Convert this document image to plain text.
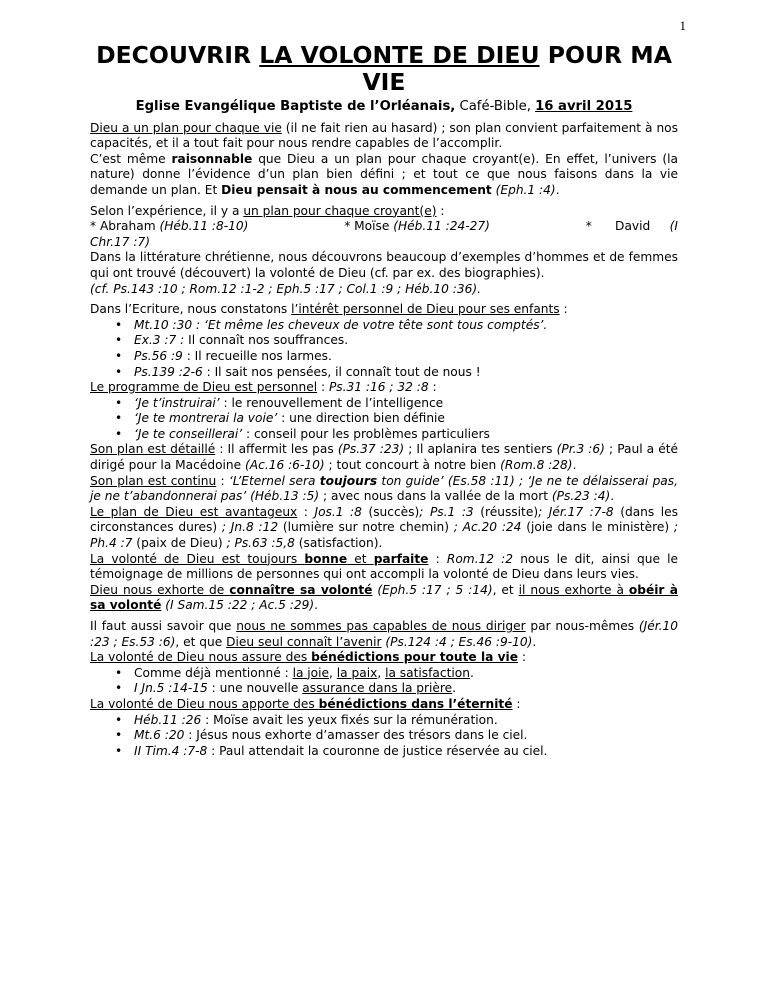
1
DECOUVRIR LA VOLONTE DE DIEU POUR MA VIE
Eglise Evangélique Baptiste de l’Orléanais, Café-Bible, 16 avril 2015

Dieu a un plan pour chaque vie (il ne fait rien au hasard) ; son plan convient parfaitement à nos capacités, et il a tout fait pour nous rendre capables de l’accomplir.

C’est même raisonnable que Dieu a un plan pour chaque croyant(e). En effet, l’univers (la nature) donne l’évidence d’un plan bien défini ; et tout ce que nous faisons dans la vie demande un plan. Et Dieu pensait à nous au commencement (Eph.1 :4).

Selon l’expérience, il y a un plan pour chaque croyant(e) :

* Abraham (Héb.11 :8-10)	* Moïse (Héb.11 :24-27)	*      David     (I

Chr.17 :7)

Dans la littérature chrétienne, nous découvrons beaucoup d’exemples d’hommes et de femmes qui ont trouvé (découvert) la volonté de Dieu (cf. par ex. des biographies).

(cf. Ps.143 :10 ; Rom.12 :1-2 ; Eph.5 :17 ; Col.1 :9 ; Héb.10 :36).

Dans l’Ecriture, nous constatons l’intérêt personnel de Dieu pour ses enfants :

• Mt.10 :30 : ‘Et même les cheveux de votre tête sont tous comptés’.
• Ex.3 :7 : Il connaît nos souffrances.
• Ps.56 :9 : Il recueille nos larmes.
• Ps.139 :2-6 : Il sait nos pensées, il connaît tout de nous !

Le programme de Dieu est personnel : Ps.31 :16 ; 32 :8 :

• ‘Je t’instruirai’ : le renouvellement de l’intelligence
• ‘Je te montrerai la voie’ : une direction bien définie
• ‘Je te conseillerai’ : conseil pour les problèmes particuliers

Son plan est détaillé : Il affermit les pas (Ps.37 :23) ; Il aplanira tes sentiers (Pr.3 :6) ; Paul a été dirigé pour la Macédoine (Ac.16 :6-10) ; tout concourt à notre bien (Rom.8 :28).

Son plan est continu : ‘L’Eternel sera toujours ton guide’ (Es.58 :11) ; ‘Je ne te délaisserai pas, je ne t’abandonnerai pas’ (Héb.13 :5) ; avec nous dans la vallée de la mort (Ps.23 :4).

Le plan de Dieu est avantageux : Jos.1 :8 (succès); Ps.1 :3 (réussite); Jér.17 :7-8 (dans les circonstances dures) ; Jn.8 :12 (lumière sur notre chemin) ; Ac.20 :24 (joie dans le ministère) ; Ph.4 :7 (paix de Dieu) ; Ps.63 :5,8 (satisfaction).

La volonté de Dieu est toujours bonne et parfaite : Rom.12 :2 nous le dit, ainsi que le témoignage de millions de personnes qui ont accompli la volonté de Dieu dans leurs vies.

Dieu nous exhorte de connaître sa volonté (Eph.5 :17 ; 5 :14), et il nous exhorte à obéir à sa volonté (I Sam.15 :22 ; Ac.5 :29).

Il faut aussi savoir que nous ne sommes pas capables de nous diriger par nous-mêmes (Jér.10 :23 ; Es.53 :6), et que Dieu seul connaît l’avenir (Ps.124 :4 ; Es.46 :9-10).

La volonté de Dieu nous assure des bénédictions pour toute la vie :

• Comme déjà mentionné : la joie, la paix, la satisfaction.
• I Jn.5 :14-15 : une nouvelle assurance dans la prière.

La volonté de Dieu nous apporte des bénédictions dans l’éternité :

• Héb.11 :26 : Moïse avait les yeux fixés sur la rémunération.
• Mt.6 :20 : Jésus nous exhorte d’amasser des trésors dans le ciel.
• II Tim.4 :7-8 : Paul attendait la couronne de justice réservée au ciel.
